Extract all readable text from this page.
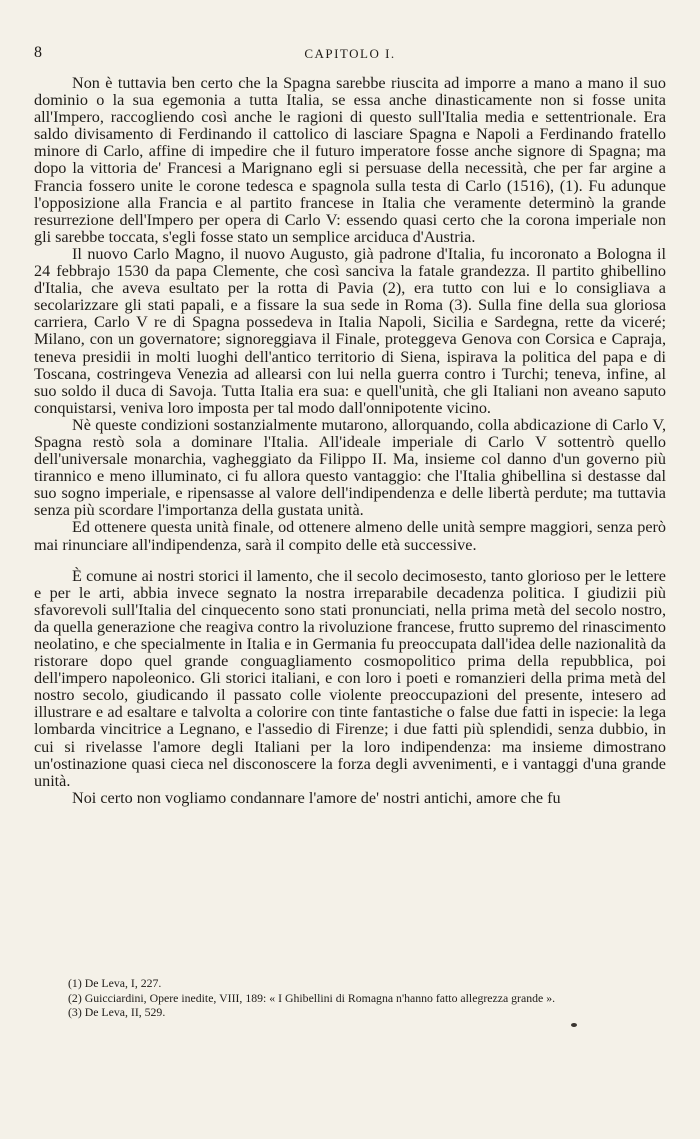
8	CAPITOLO I.

Non è tuttavia ben certo che la Spagna sarebbe riuscita ad imporre a mano a mano il suo dominio o la sua egemonia a tutta Italia, se essa anche dinasticamente non si fosse unita all'Impero, raccogliendo così anche le ragioni di questo sull'Italia media e settentrionale. Era saldo divisamento di Ferdinando il cattolico di lasciare Spagna e Napoli a Ferdinando fratello minore di Carlo, affine di impedire che il futuro imperatore fosse anche signore di Spagna; ma dopo la vittoria de' Francesi a Marignano egli si persuase della necessità, che per far argine a Francia fossero unite le corone tedesca e spagnola sulla testa di Carlo (1516), (1). Fu adunque l'opposizione alla Francia e al partito francese in Italia che veramente determinò la grande resurrezione dell'Impero per opera di Carlo V: essendo quasi certo che la corona imperiale non gli sarebbe toccata, s'egli fosse stato un semplice arciduca d'Austria.

Il nuovo Carlo Magno, il nuovo Augusto, già padrone d'Italia, fu incoronato a Bologna il 24 febbrajo 1530 da papa Clemente, che così sanciva la fatale grandezza. Il partito ghibellino d'Italia, che aveva esultato per la rotta di Pavia (2), era tutto con lui e lo consigliava a secolarizzare gli stati papali, e a fissare la sua sede in Roma (3). Sulla fine della sua gloriosa carriera, Carlo V re di Spagna possedeva in Italia Napoli, Sicilia e Sardegna, rette da viceré; Milano, con un governatore; signoreggiava il Finale, proteggeva Genova con Corsica e Capraja, teneva presidii in molti luoghi dell'antico territorio di Siena, ispirava la politica del papa e di Toscana, costringeva Venezia ad allearsi con lui nella guerra contro i Turchi; teneva, infine, al suo soldo il duca di Savoja. Tutta Italia era sua: e quell'unità, che gli Italiani non aveano saputo conquistarsi, veniva loro imposta per tal modo dall'onnipotente vicino.

Nè queste condizioni sostanzialmente mutarono, allorquando, colla abdicazione di Carlo V, Spagna restò sola a dominare l'Italia. All'ideale imperiale di Carlo V sottentrò quello dell'universale monarchia, vagheggiato da Filippo II. Ma, insieme col danno d'un governo più tirannico e meno illuminato, ci fu allora questo vantaggio: che l'Italia ghibellina si destasse dal suo sogno imperiale, e ripensasse al valore dell'indipendenza e delle libertà perdute; ma tuttavia senza più scordare l'importanza della gustata unità.

Ed ottenere questa unità finale, od ottenere almeno delle unità sempre maggiori, senza però mai rinunciare all'indipendenza, sarà il compito delle età successive.

È comune ai nostri storici il lamento, che il secolo decimosesto, tanto glorioso per le lettere e per le arti, abbia invece segnato la nostra irreparabile decadenza politica. I giudizii più sfavorevoli sull'Italia del cinquecento sono stati pronunciati, nella prima metà del secolo nostro, da quella generazione che reagiva contro la rivoluzione francese, frutto supremo del rinascimento neolatino, e che specialmente in Italia e in Germania fu preoccupata dall'idea delle nazionalità da ristorare dopo quel grande conguagliamento cosmopolitico prima della repubblica, poi dell'impero napoleonico. Gli storici italiani, e con loro i poeti e romanzieri della prima metà del nostro secolo, giudicando il passato colle violente preoccupazioni del presente, intesero ad illustrare e ad esaltare e talvolta a colorire con tinte fantastiche o false due fatti in ispecie: la lega lombarda vincitrice a Legnano, e l'assedio di Firenze; i due fatti più splendidi, senza dubbio, in cui si rivelasse l'amore degli Italiani per la loro indipendenza: ma insieme dimostrano un'ostinazione quasi cieca nel disconoscere la forza degli avvenimenti, e i vantaggi d'una grande unità.

Noi certo non vogliamo condannare l'amore de' nostri antichi, amore che fu

(1) De Leva, I, 227.
(2) Guicciardini, Opere inedite, VIII, 189: « I Ghibellini di Romagna n'hanno fatto allegrezza grande ».
(3) De Leva, II, 529.
